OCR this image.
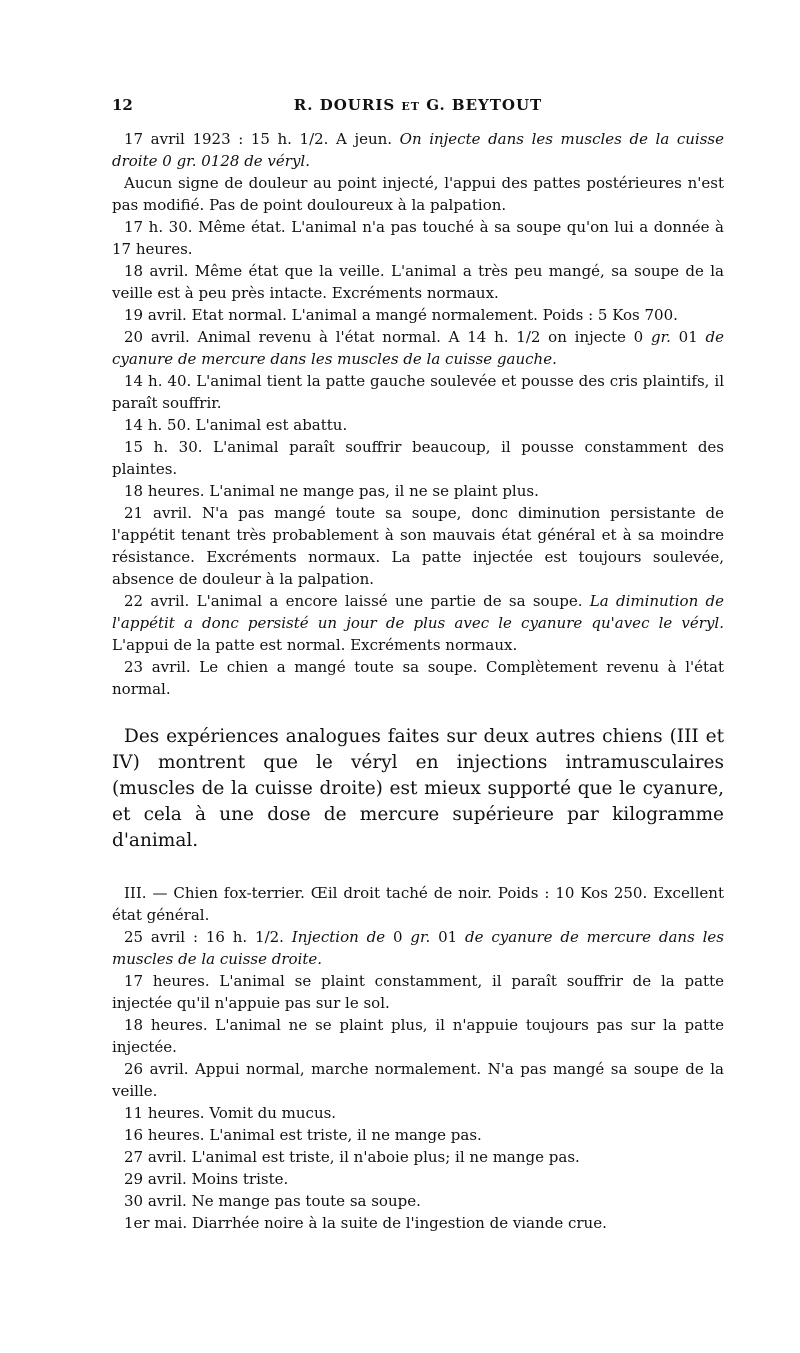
12	R. DOURIS et G. BEYTOUT

17 avril 1923 : 15 h. 1/2. A jeun. On injecte dans les muscles de la cuisse droite 0 gr. 0128 de véryl.

Aucun signe de douleur au point injecté, l'appui des pattes postérieures n'est pas modifié. Pas de point douloureux à la palpation.

17 h. 30. Même état. L'animal n'a pas touché à sa soupe qu'on lui a donnée à 17 heures.

18 avril. Même état que la veille. L'animal a très peu mangé, sa soupe de la veille est à peu près intacte. Excréments normaux.

19 avril. Etat normal. L'animal a mangé normalement. Poids : 5 Kos 700.

20 avril. Animal revenu à l'état normal. A 14 h. 1/2 on injecte 0 gr. 01 de cyanure de mercure dans les muscles de la cuisse gauche.

14 h. 40. L'animal tient la patte gauche soulevée et pousse des cris plaintifs, il paraît souffrir.

14 h. 50. L'animal est abattu.

15 h. 30. L'animal paraît souffrir beaucoup, il pousse constamment des plaintes.

18 heures. L'animal ne mange pas, il ne se plaint plus.

21 avril. N'a pas mangé toute sa soupe, donc diminution persistante de l'appétit tenant très probablement à son mauvais état général et à sa moindre résistance. Excréments normaux. La patte injectée est toujours soulevée, absence de douleur à la palpation.

22 avril. L'animal a encore laissé une partie de sa soupe. La diminution de l'appétit a donc persisté un jour de plus avec le cyanure qu'avec le véryl. L'appui de la patte est normal. Excréments normaux.

23 avril. Le chien a mangé toute sa soupe. Complètement revenu à l'état normal.

Des expériences analogues faites sur deux autres chiens (III et IV) montrent que le véryl en injections intramusculaires (muscles de la cuisse droite) est mieux supporté que le cyanure, et cela à une dose de mercure supérieure par kilogramme d'animal.

III. — Chien fox-terrier. Œil droit taché de noir. Poids : 10 Kos 250. Excellent état général.

25 avril : 16 h. 1/2. Injection de 0 gr. 01 de cyanure de mercure dans les muscles de la cuisse droite.

17 heures. L'animal se plaint constamment, il paraît souffrir de la patte injectée qu'il n'appuie pas sur le sol.

18 heures. L'animal ne se plaint plus, il n'appuie toujours pas sur la patte injectée.

26 avril. Appui normal, marche normalement. N'a pas mangé sa soupe de la veille.

11 heures. Vomit du mucus.

16 heures. L'animal est triste, il ne mange pas.

27 avril. L'animal est triste, il n'aboie plus; il ne mange pas.

29 avril. Moins triste.

30 avril. Ne mange pas toute sa soupe.

1er mai. Diarrhée noire à la suite de l'ingestion de viande crue.
